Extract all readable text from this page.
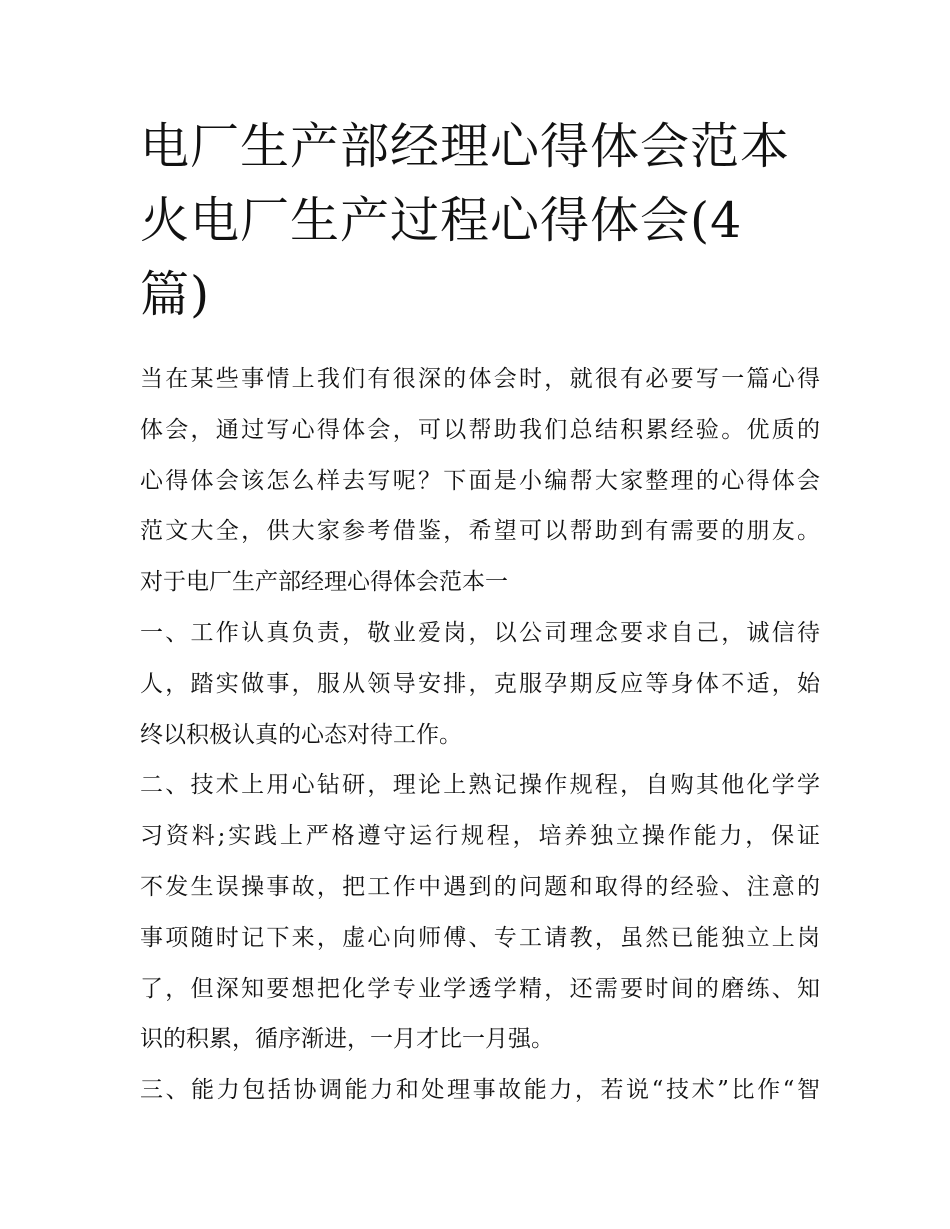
电厂生产部经理心得体会范本
火电厂生产过程心得体会(4
篇)
当在某些事情上我们有很深的体会时，就很有必要写一篇心得
体会，通过写心得体会，可以帮助我们总结积累经验。优质的
心得体会该怎么样去写呢？下面是小编帮大家整理的心得体会
范文大全，供大家参考借鉴，希望可以帮助到有需要的朋友。
对于电厂生产部经理心得体会范本一
一、工作认真负责，敬业爱岗，以公司理念要求自己，诚信待
人，踏实做事，服从领导安排，克服孕期反应等身体不适，始
终以积极认真的心态对待工作。
二、技术上用心钻研，理论上熟记操作规程，自购其他化学学
习资料;实践上严格遵守运行规程，培养独立操作能力，保证
不发生误操事故，把工作中遇到的问题和取得的经验、注意的
事项随时记下来，虚心向师傅、专工请教，虽然已能独立上岗
了，但深知要想把化学专业学透学精，还需要时间的磨练、知
识的积累，循序渐进，一月才比一月强。
三、能力包括协调能力和处理事故能力，若说“技术”比作“智
